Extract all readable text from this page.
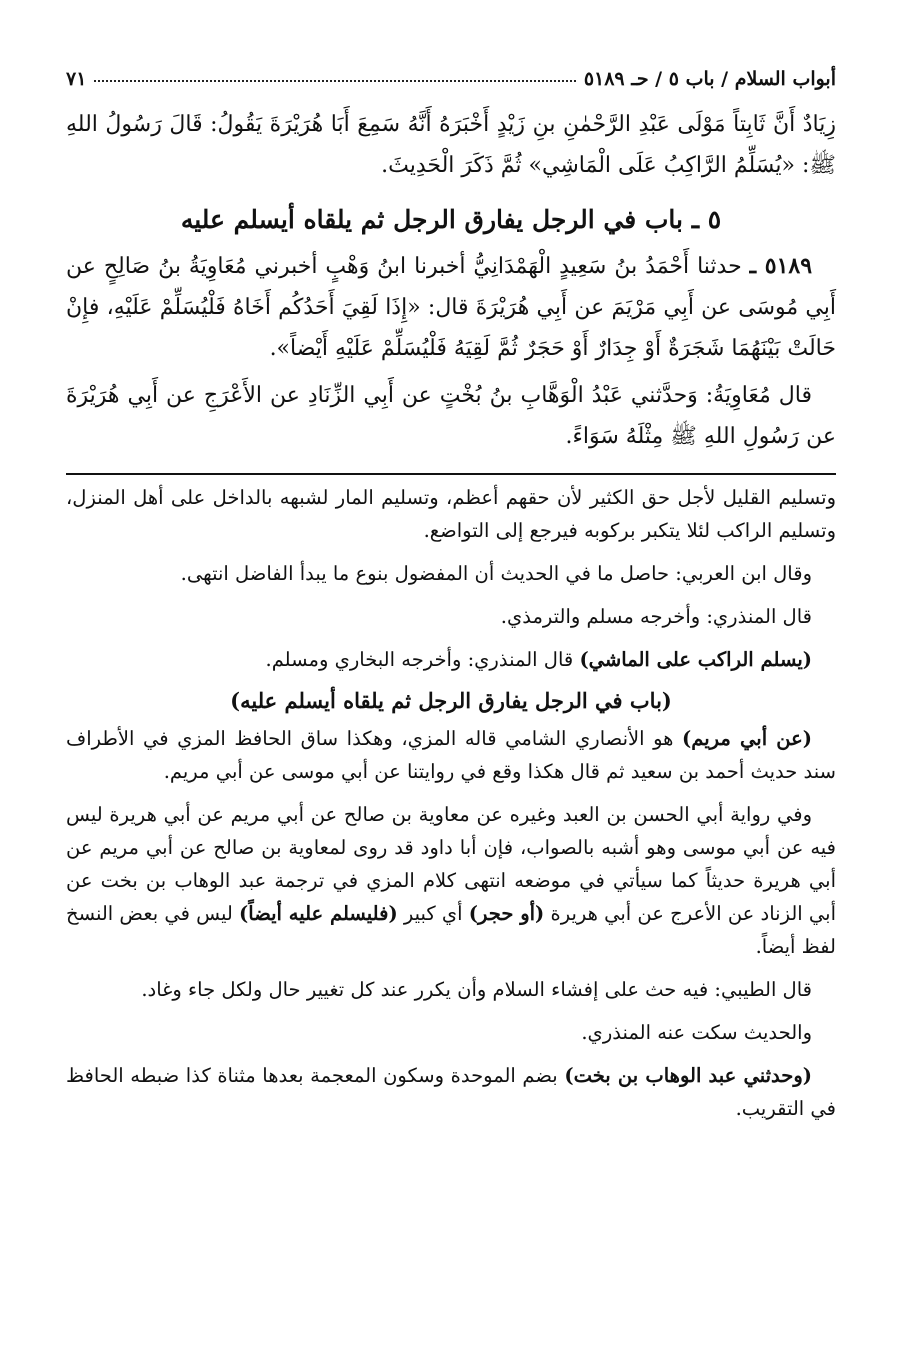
أبواب السلام / باب ٥ / حـ ٥١٨٩
٧١

زِيَادٌ أَنَّ ثَابِتاً مَوْلَى عَبْدِ الرَّحْمٰنِ بنِ زَيْدٍ أَخْبَرَهُ أَنَّهُ سَمِعَ أَبَا هُرَيْرَةَ يَقُولُ: قَالَ رَسُولُ اللهِ ﷺ: «يُسَلِّمُ الرَّاكِبُ عَلَى الْمَاشِي» ثُمَّ ذَكَرَ الْحَدِيثَ.

٥ ـ باب في الرجل يفارق الرجل ثم يلقاه أيسلم عليه

٥١٨٩ ـ حدثنا أَحْمَدُ بنُ سَعِيدٍ الْهَمْدَانِيُّ أخبرنا ابنُ وَهْبٍ أخبرني مُعَاوِيَةُ بنُ صَالِحٍ عن أَبِي مُوسَى عن أَبِي مَرْيَمَ عن أَبِي هُرَيْرَةَ قال: «إِذَا لَقِيَ أَحَدُكُم أَخَاهُ فَلْيُسَلِّمْ عَلَيْهِ، فإِنْ حَالَتْ بَيْنَهُمَا شَجَرَةٌ أَوْ جِدَارٌ أَوْ حَجَرٌ ثُمَّ لَقِيَهُ فَلْيُسَلِّمْ عَلَيْهِ أَيْضاً».

قال مُعَاوِيَةُ: وَحدَّثني عَبْدُ الْوَهَّابِ بنُ بُخْتٍ عن أَبِي الزِّنَادِ عن الأَعْرَجِ عن أَبِي هُرَيْرَةَ عن رَسُولِ اللهِ ﷺ مِثْلَهُ سَوَاءً.

وتسليم القليل لأجل حق الكثير لأن حقهم أعظم، وتسليم المار لشبهه بالداخل على أهل المنزل، وتسليم الراكب لئلا يتكبر بركوبه فيرجع إلى التواضع.

وقال ابن العربي: حاصل ما في الحديث أن المفضول بنوع ما يبدأ الفاضل انتهى.

قال المنذري: وأخرجه مسلم والترمذي.

(يسلم الراكب على الماشي) قال المنذري: وأخرجه البخاري ومسلم.

(باب في الرجل يفارق الرجل ثم يلقاه أيسلم عليه)

(عن أبي مريم) هو الأنصاري الشامي قاله المزي، وهكذا ساق الحافظ المزي في الأطراف سند حديث أحمد بن سعيد ثم قال هكذا وقع في روايتنا عن أبي موسى عن أبي مريم.

وفي رواية أبي الحسن بن العبد وغيره عن معاوية بن صالح عن أبي مريم عن أبي هريرة ليس فيه عن أبي موسى وهو أشبه بالصواب، فإن أبا داود قد روى لمعاوية بن صالح عن أبي مريم عن أبي هريرة حديثاً كما سيأتي في موضعه انتهى كلام المزي في ترجمة عبد الوهاب بن بخت عن أبي الزناد عن الأعرج عن أبي هريرة (أو حجر) أي كبير (فليسلم عليه أيضاً) ليس في بعض النسخ لفظ أيضاً.

قال الطيبي: فيه حث على إفشاء السلام وأن يكرر عند كل تغيير حال ولكل جاء وغاد.

والحديث سكت عنه المنذري.

(وحدثني عبد الوهاب بن بخت) بضم الموحدة وسكون المعجمة بعدها مثناة كذا ضبطه الحافظ في التقريب.
